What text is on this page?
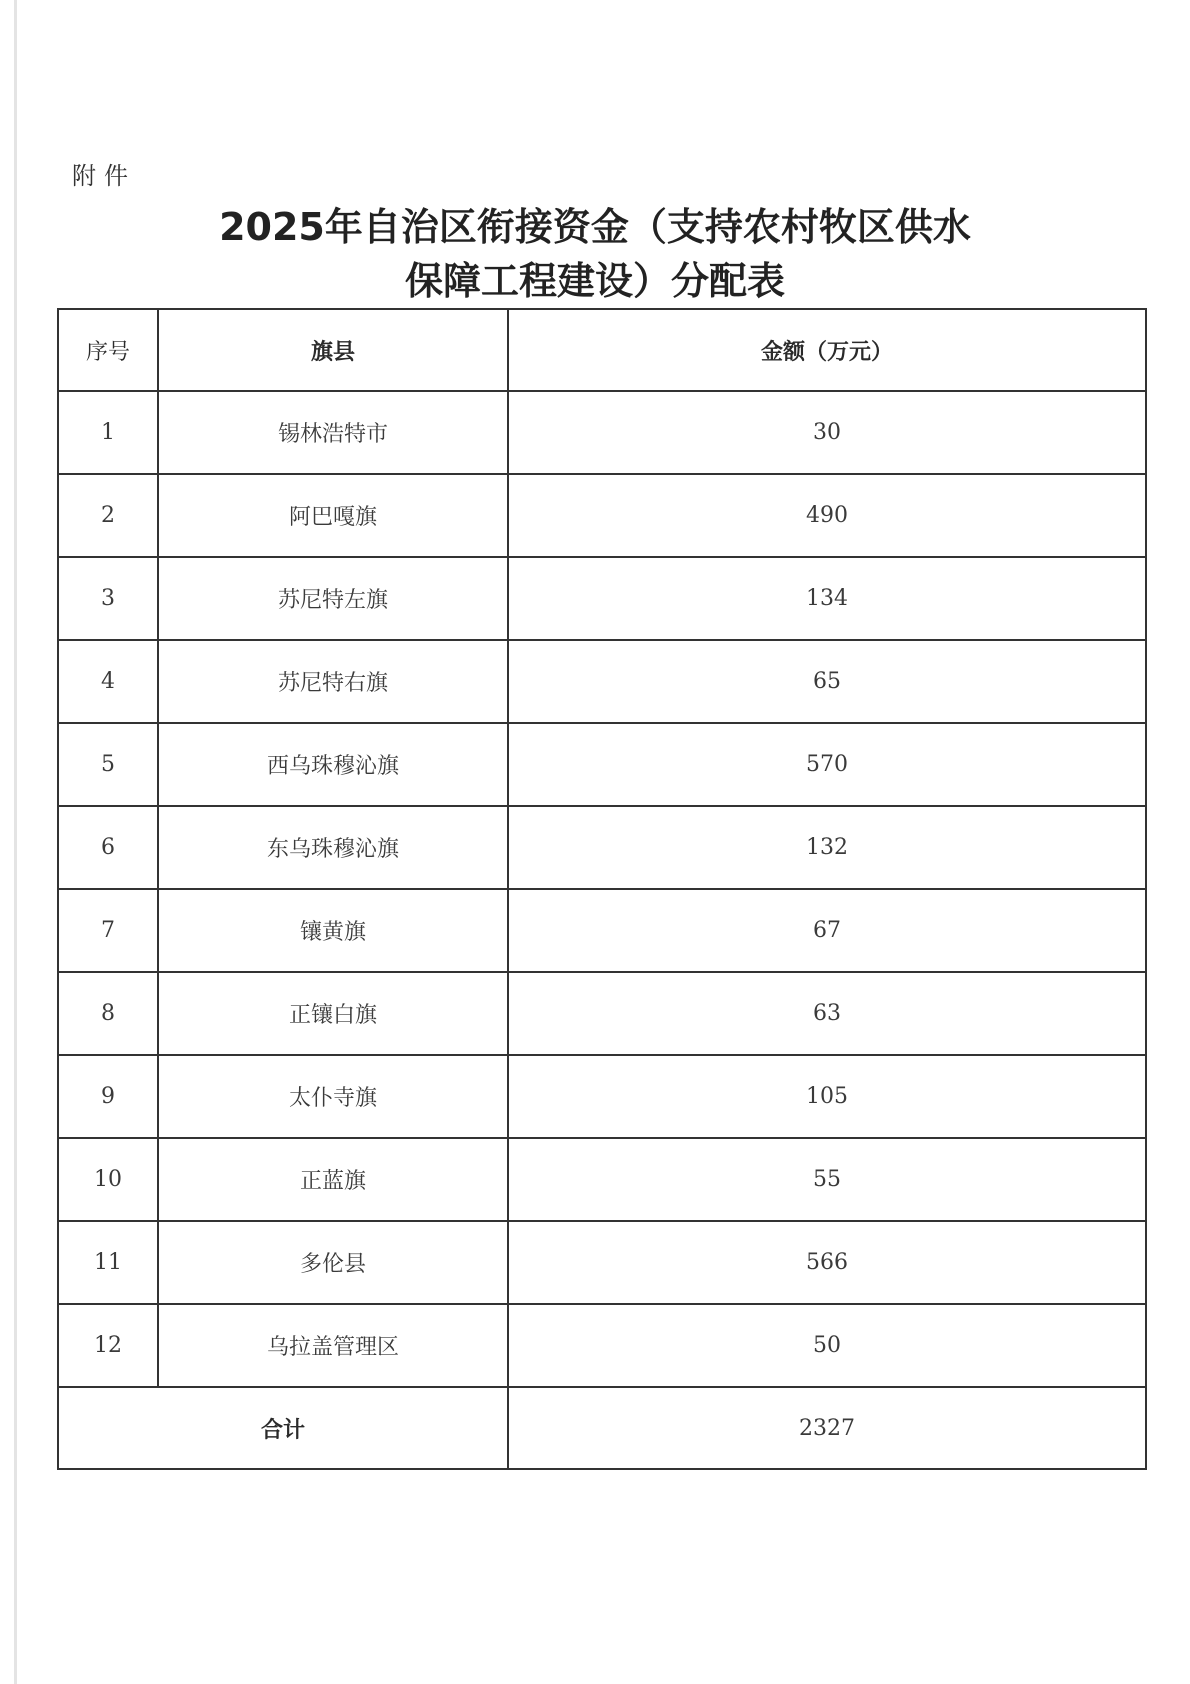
附件
2025年自治区衔接资金（支持农村牧区供水
保障工程建设）分配表
序号	旗县	金额（万元）
1	锡林浩特市	30
2	阿巴嘎旗	490
3	苏尼特左旗	134
4	苏尼特右旗	65
5	西乌珠穆沁旗	570
6	东乌珠穆沁旗	132
7	镶黄旗	67
8	正镶白旗	63
9	太仆寺旗	105
10	正蓝旗	55
11	多伦县	566
12	乌拉盖管理区	50
合计		2327
